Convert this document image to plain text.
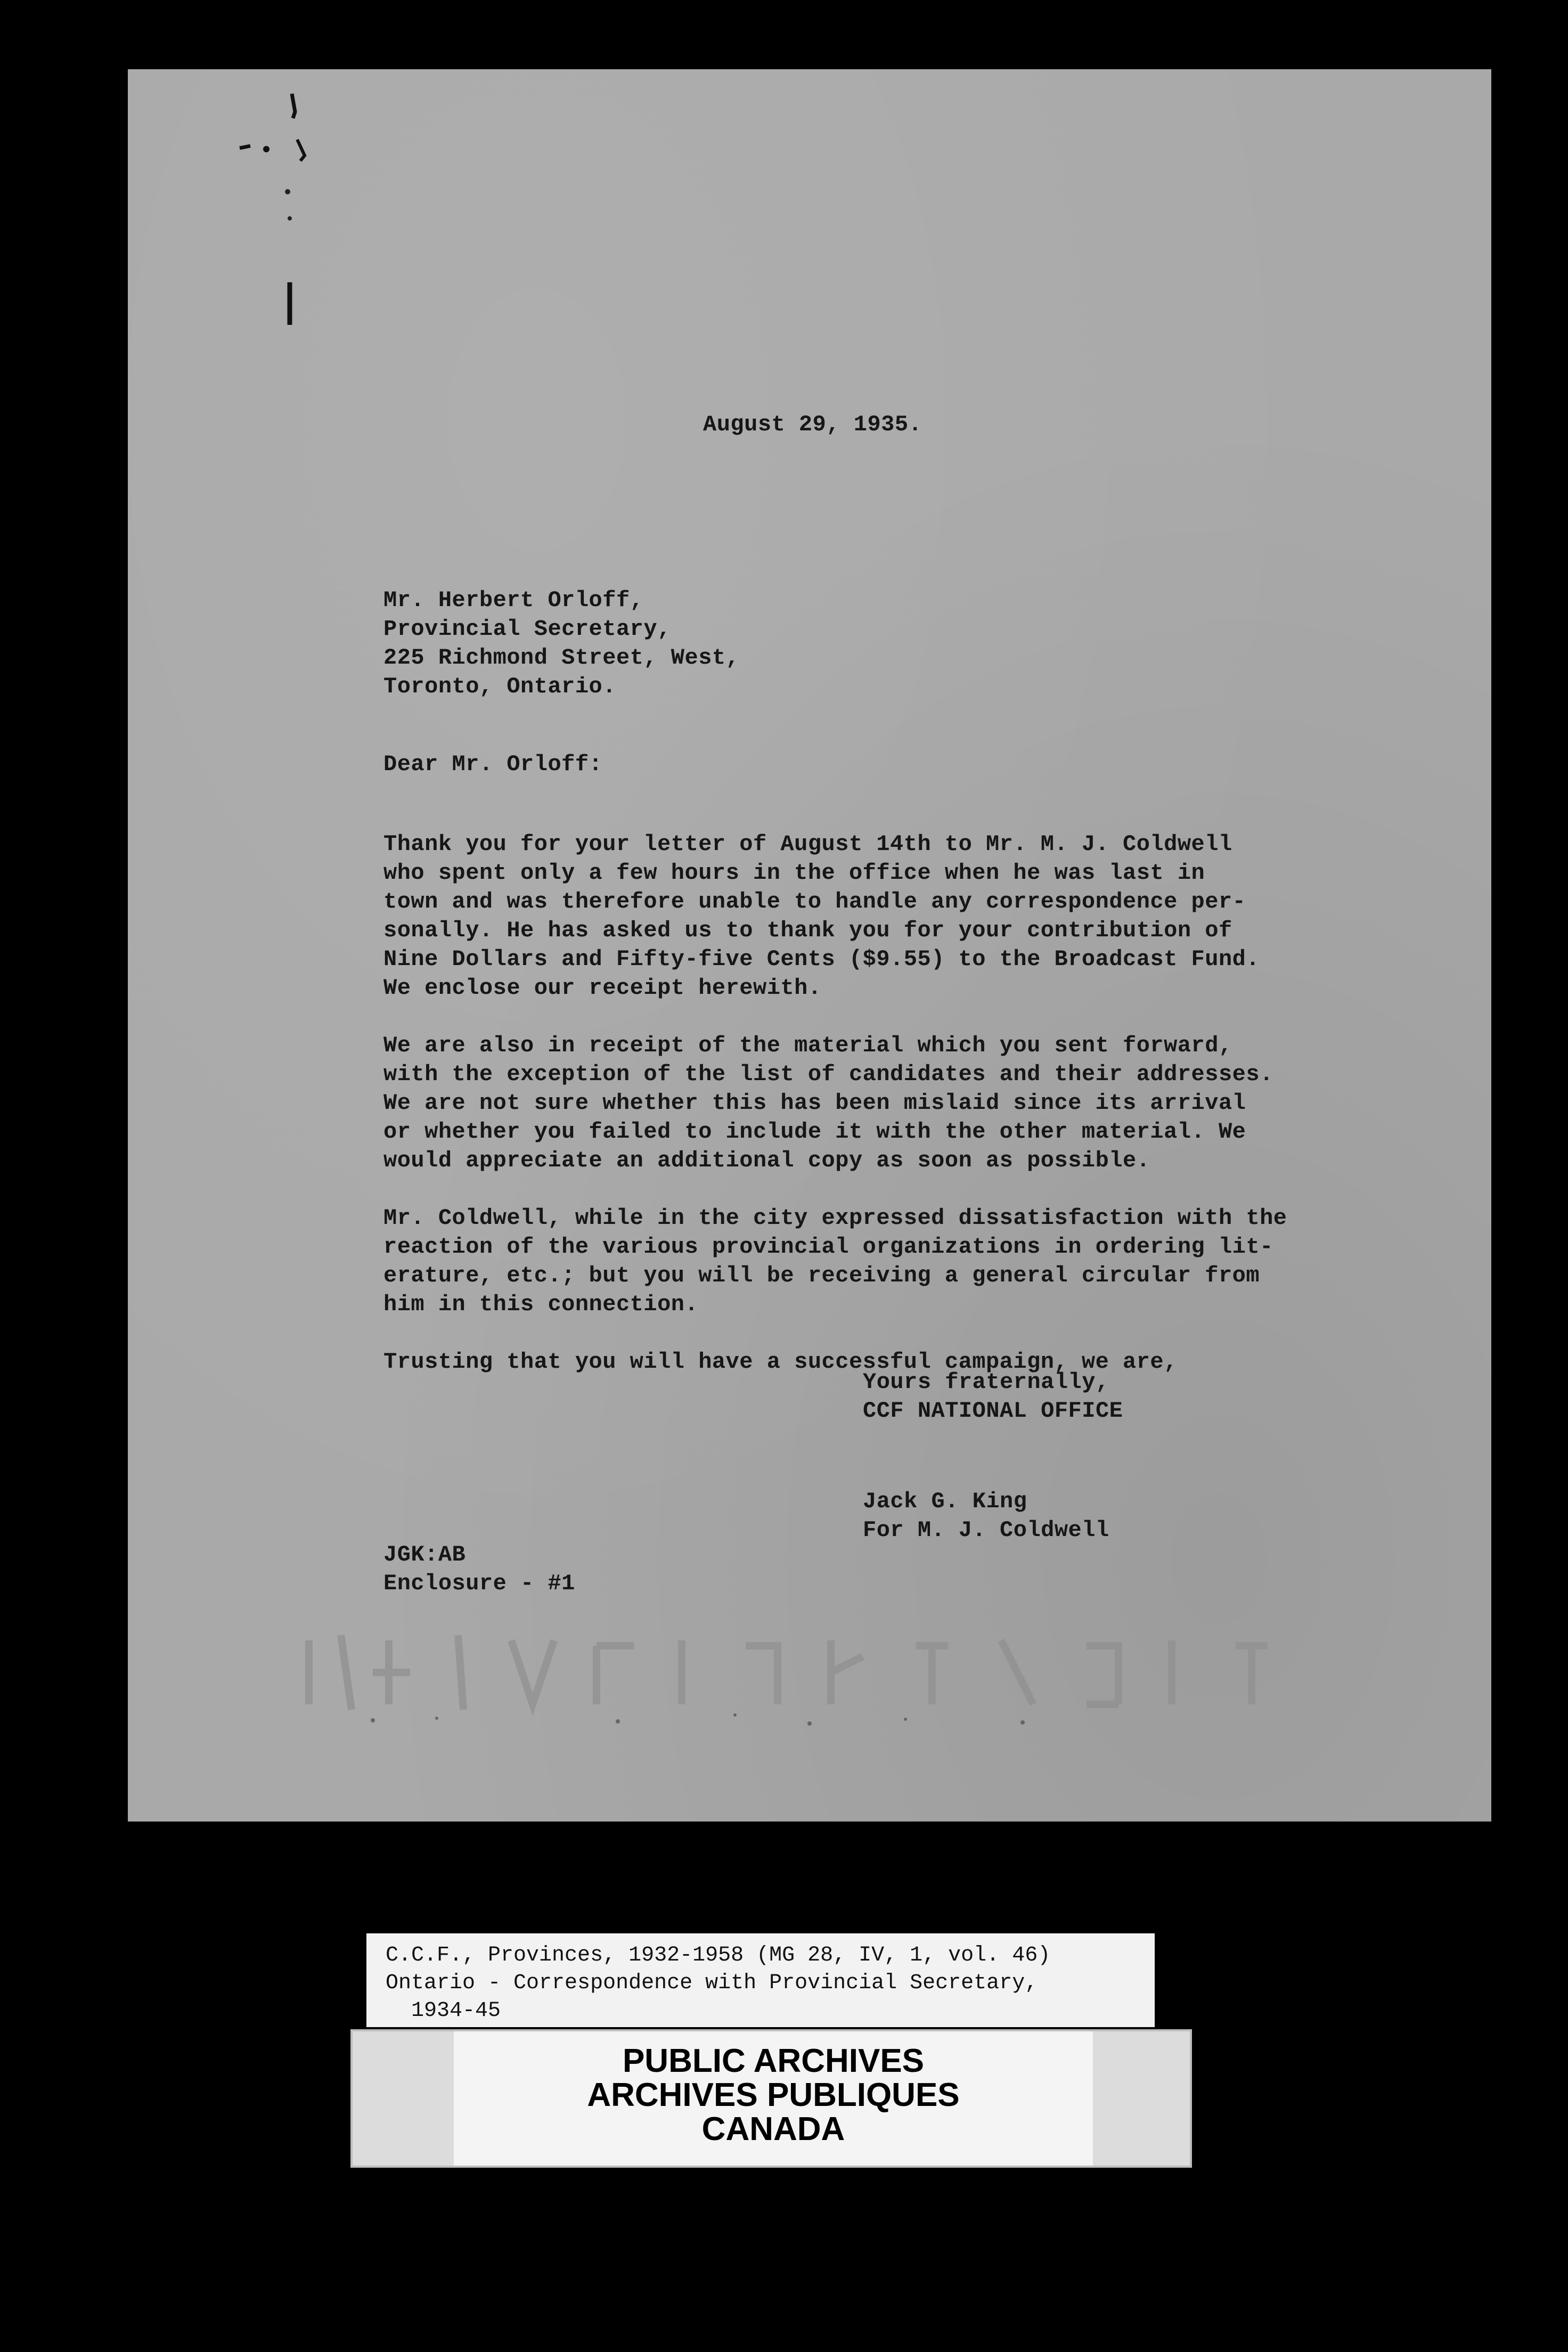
August 29, 1935.
Mr. Herbert Orloff,
Provincial Secretary,
225 Richmond Street, West,
Toronto, Ontario.
Dear Mr. Orloff:
Thank you for your letter of August 14th to Mr. M. J. Coldwell
who spent only a few hours in the office when he was last in
town and was therefore unable to handle any correspondence per-
sonally. He has asked us to thank you for your contribution of
Nine Dollars and Fifty-five Cents ($9.55) to the Broadcast Fund.
We enclose our receipt herewith.
We are also in receipt of the material which you sent forward,
with the exception of the list of candidates and their addresses.
We are not sure whether this has been mislaid since its arrival
or whether you failed to include it with the other material. We
would appreciate an additional copy as soon as possible.
Mr. Coldwell, while in the city expressed dissatisfaction with the
reaction of the various provincial organizations in ordering lit-
erature, etc.; but you will be receiving a general circular from
him in this connection.
Trusting that you will have a successful campaign, we are,
Yours fraternally,
CCF NATIONAL OFFICE
Jack G. King
For M. J. Coldwell
JGK:AB
Enclosure - #1
C.C.F., Provinces, 1932-1958 (MG 28, IV, 1, vol. 46)
Ontario - Correspondence with Provincial Secretary,
1934-45
PUBLIC ARCHIVES
ARCHIVES PUBLIQUES
CANADA
